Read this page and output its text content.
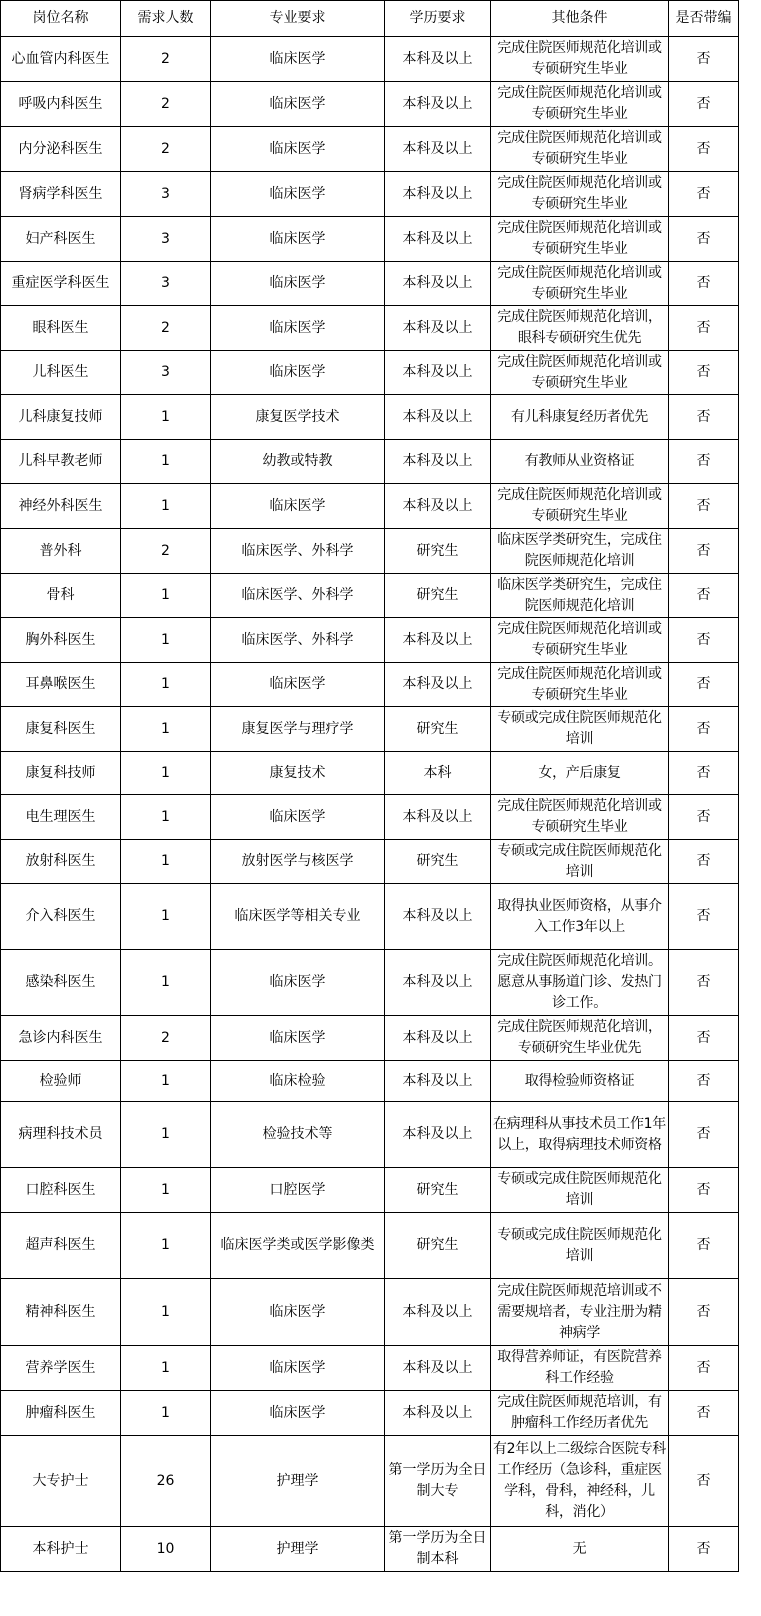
岗位名称	需求人数	专业要求	学历要求	其他条件	是否带编
心血管内科医生	2	临床医学	本科及以上	完成住院医师规范化培训或专硕研究生毕业	否
呼吸内科医生	2	临床医学	本科及以上	完成住院医师规范化培训或专硕研究生毕业	否
内分泌科医生	2	临床医学	本科及以上	完成住院医师规范化培训或专硕研究生毕业	否
肾病学科医生	3	临床医学	本科及以上	完成住院医师规范化培训或专硕研究生毕业	否
妇产科医生	3	临床医学	本科及以上	完成住院医师规范化培训或专硕研究生毕业	否
重症医学科医生	3	临床医学	本科及以上	完成住院医师规范化培训或专硕研究生毕业	否
眼科医生	2	临床医学	本科及以上	完成住院医师规范化培训，眼科专硕研究生优先	否
儿科医生	3	临床医学	本科及以上	完成住院医师规范化培训或专硕研究生毕业	否
儿科康复技师	1	康复医学技术	本科及以上	有儿科康复经历者优先	否
儿科早教老师	1	幼教或特教	本科及以上	有教师从业资格证	否
神经外科医生	1	临床医学	本科及以上	完成住院医师规范化培训或专硕研究生毕业	否
普外科	2	临床医学、外科学	研究生	临床医学类研究生，完成住院医师规范化培训	否
骨科	1	临床医学、外科学	研究生	临床医学类研究生，完成住院医师规范化培训	否
胸外科医生	1	临床医学、外科学	本科及以上	完成住院医师规范化培训或专硕研究生毕业	否
耳鼻喉医生	1	临床医学	本科及以上	完成住院医师规范化培训或专硕研究生毕业	否
康复科医生	1	康复医学与理疗学	研究生	专硕或完成住院医师规范化培训	否
康复科技师	1	康复技术	本科	女，产后康复	否
电生理医生	1	临床医学	本科及以上	完成住院医师规范化培训或专硕研究生毕业	否
放射科医生	1	放射医学与核医学	研究生	专硕或完成住院医师规范化培训	否
介入科医生	1	临床医学等相关专业	本科及以上	取得执业医师资格，从事介入工作3年以上	否
感染科医生	1	临床医学	本科及以上	完成住院医师规范化培训。愿意从事肠道门诊、发热门诊工作。	否
急诊内科医生	2	临床医学	本科及以上	完成住院医师规范化培训，专硕研究生毕业优先	否
检验师	1	临床检验	本科及以上	取得检验师资格证	否
病理科技术员	1	检验技术等	本科及以上	在病理科从事技术员工作1年以上，取得病理技术师资格	否
口腔科医生	1	口腔医学	研究生	专硕或完成住院医师规范化培训	否
超声科医生	1	临床医学类或医学影像类	研究生	专硕或完成住院医师规范化培训	否
精神科医生	1	临床医学	本科及以上	完成住院医师规范培训或不需要规培者，专业注册为精神病学	否
营养学医生	1	临床医学	本科及以上	取得营养师证，有医院营养科工作经验	否
肿瘤科医生	1	临床医学	本科及以上	完成住院医师规范培训，有肿瘤科工作经历者优先	否
大专护士	26	护理学	第一学历为全日制大专	有2年以上二级综合医院专科工作经历（急诊科，重症医学科，骨科，神经科，儿科，消化）	否
本科护士	10	护理学	第一学历为全日制本科	无	否
